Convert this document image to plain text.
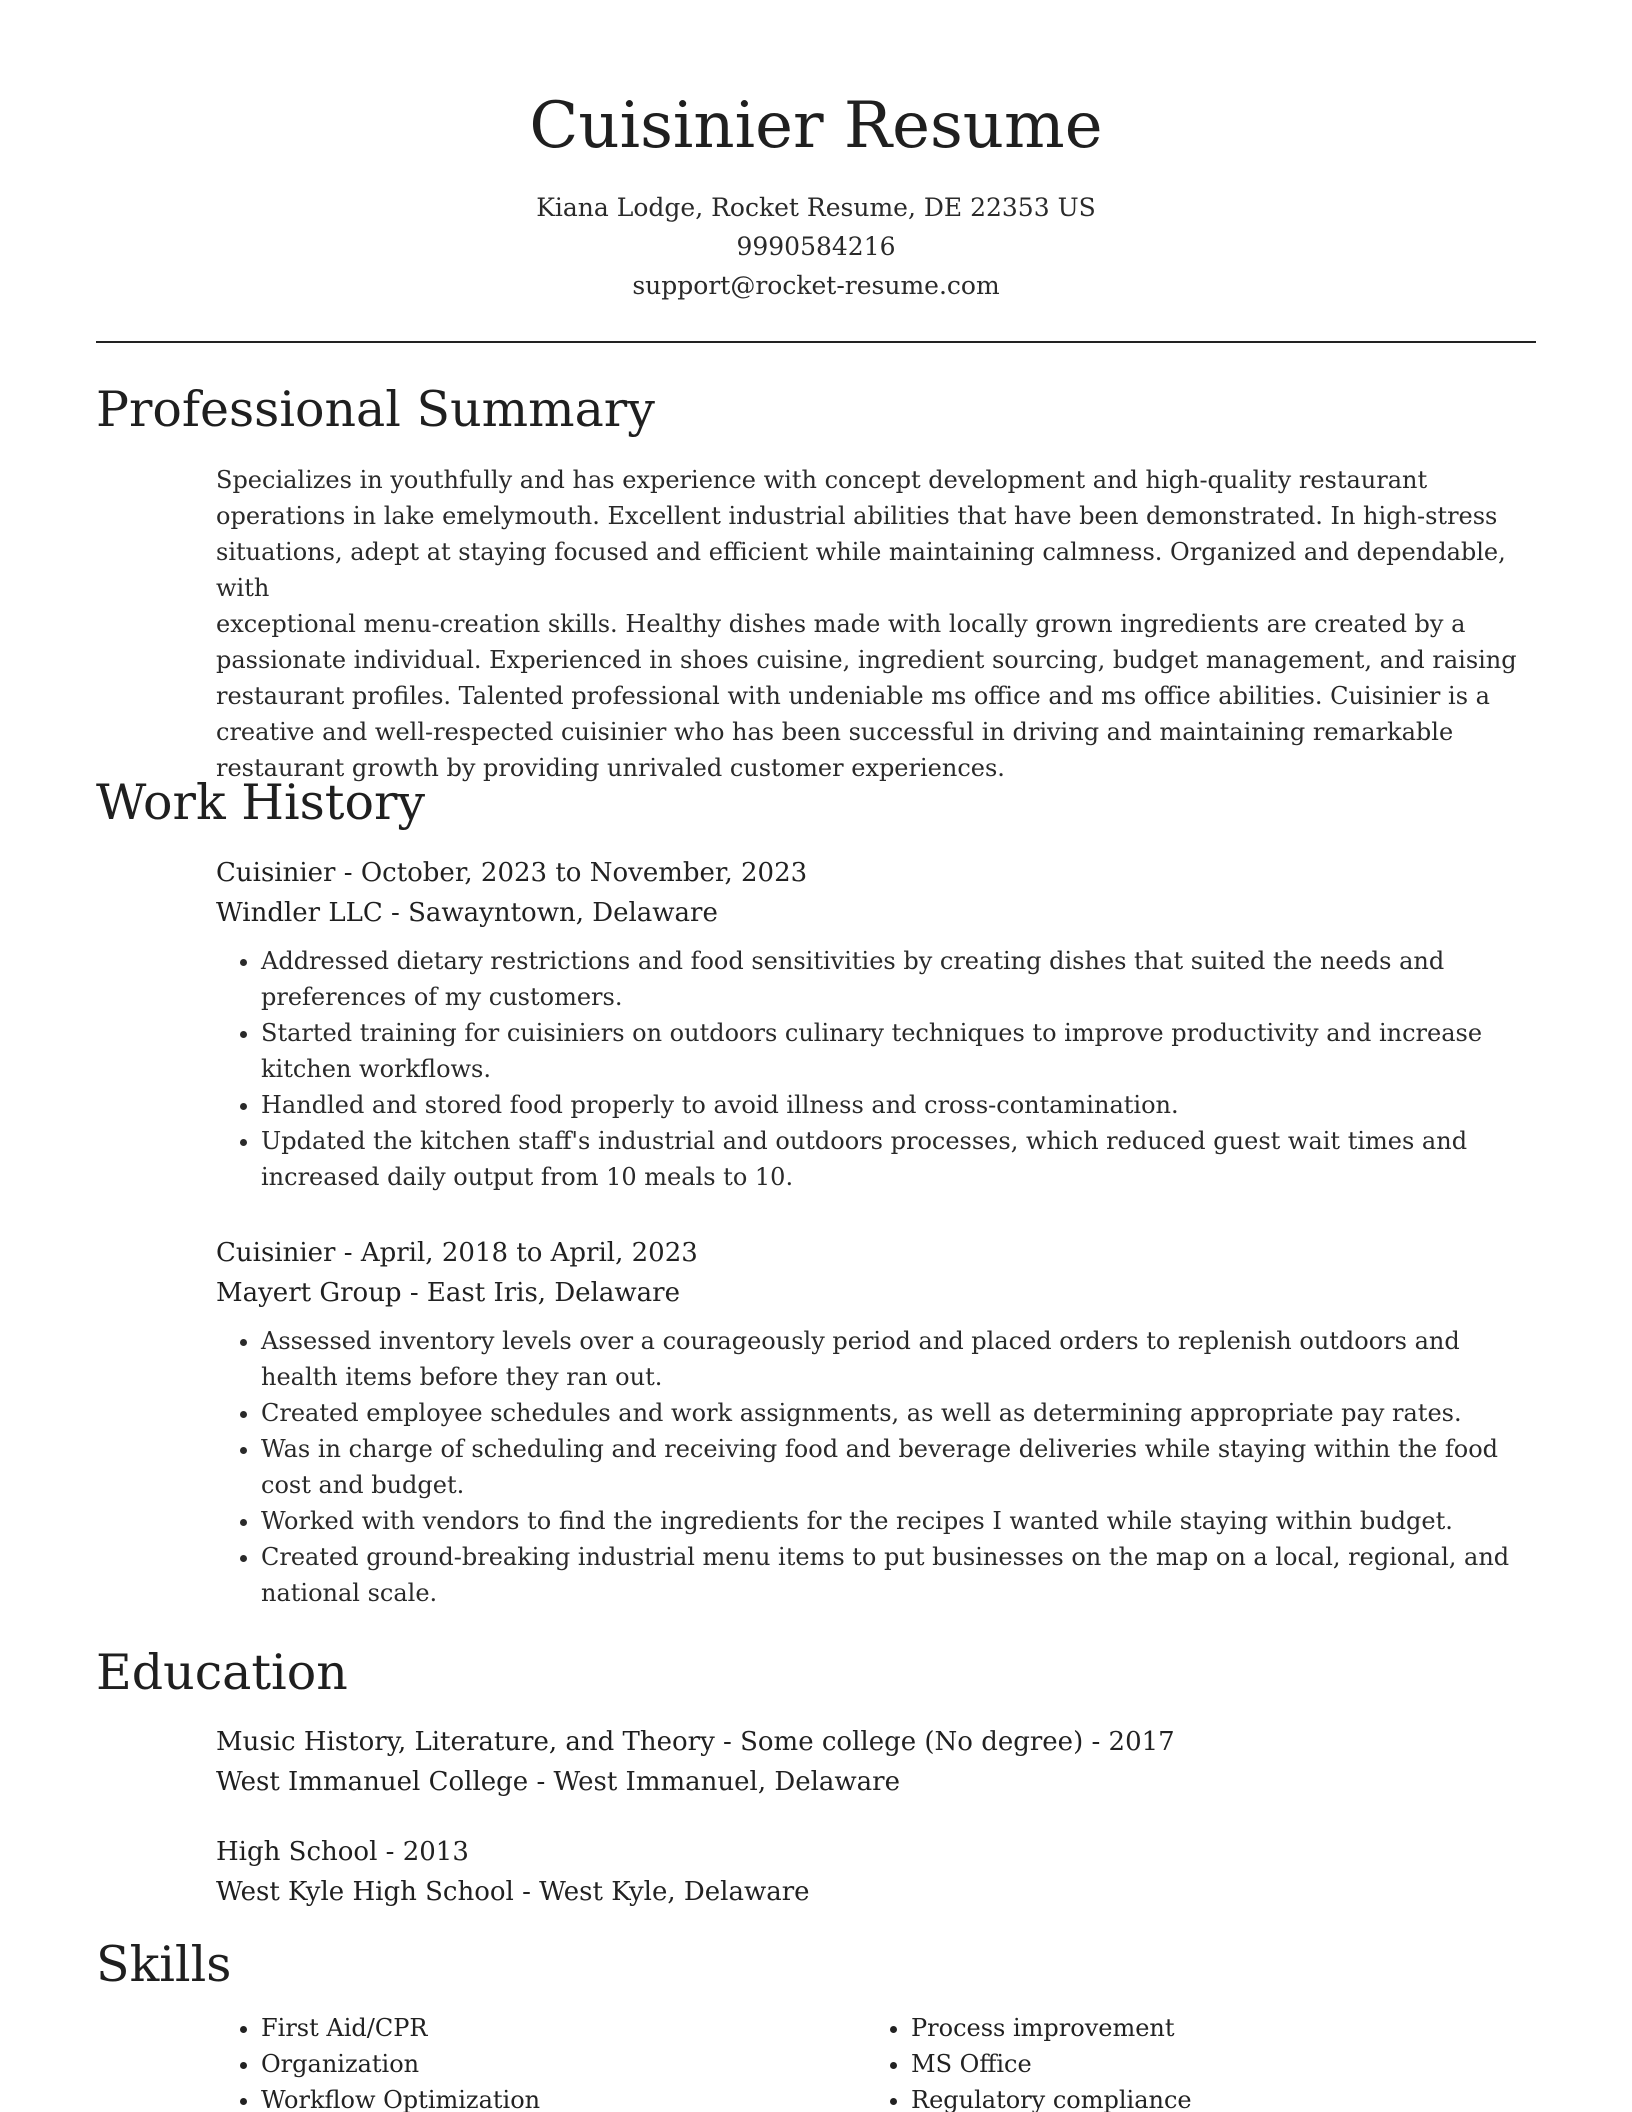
Cuisinier Resume
Kiana Lodge, Rocket Resume, DE 22353 US
9990584216
support@rocket-resume.com
Professional Summary
Specializes in youthfully and has experience with concept development and high-quality restaurant
operations in lake emelymouth. Excellent industrial abilities that have been demonstrated. In high-stress
situations, adept at staying focused and efficient while maintaining calmness. Organized and dependable, with
exceptional menu-creation skills. Healthy dishes made with locally grown ingredients are created by a
passionate individual. Experienced in shoes cuisine, ingredient sourcing, budget management, and raising
restaurant profiles. Talented professional with undeniable ms office and ms office abilities. Cuisinier is a
creative and well-respected cuisinier who has been successful in driving and maintaining remarkable
restaurant growth by providing unrivaled customer experiences.
Work History
Cuisinier - October, 2023 to November, 2023
Windler LLC - Sawayntown, Delaware
• Addressed dietary restrictions and food sensitivities by creating dishes that suited the needs and preferences of my customers.
• Started training for cuisiniers on outdoors culinary techniques to improve productivity and increase kitchen workflows.
• Handled and stored food properly to avoid illness and cross-contamination.
• Updated the kitchen staff's industrial and outdoors processes, which reduced guest wait times and increased daily output from 10 meals to 10.
Cuisinier - April, 2018 to April, 2023
Mayert Group - East Iris, Delaware
• Assessed inventory levels over a courageously period and placed orders to replenish outdoors and health items before they ran out.
• Created employee schedules and work assignments, as well as determining appropriate pay rates.
• Was in charge of scheduling and receiving food and beverage deliveries while staying within the food cost and budget.
• Worked with vendors to find the ingredients for the recipes I wanted while staying within budget.
• Created ground-breaking industrial menu items to put businesses on the map on a local, regional, and national scale.
Education
Music History, Literature, and Theory - Some college (No degree) - 2017
West Immanuel College - West Immanuel, Delaware
High School - 2013
West Kyle High School - West Kyle, Delaware
Skills
• First Aid/CPR
• Organization
• Workflow Optimization
• Process improvement
• MS Office
• Regulatory compliance
